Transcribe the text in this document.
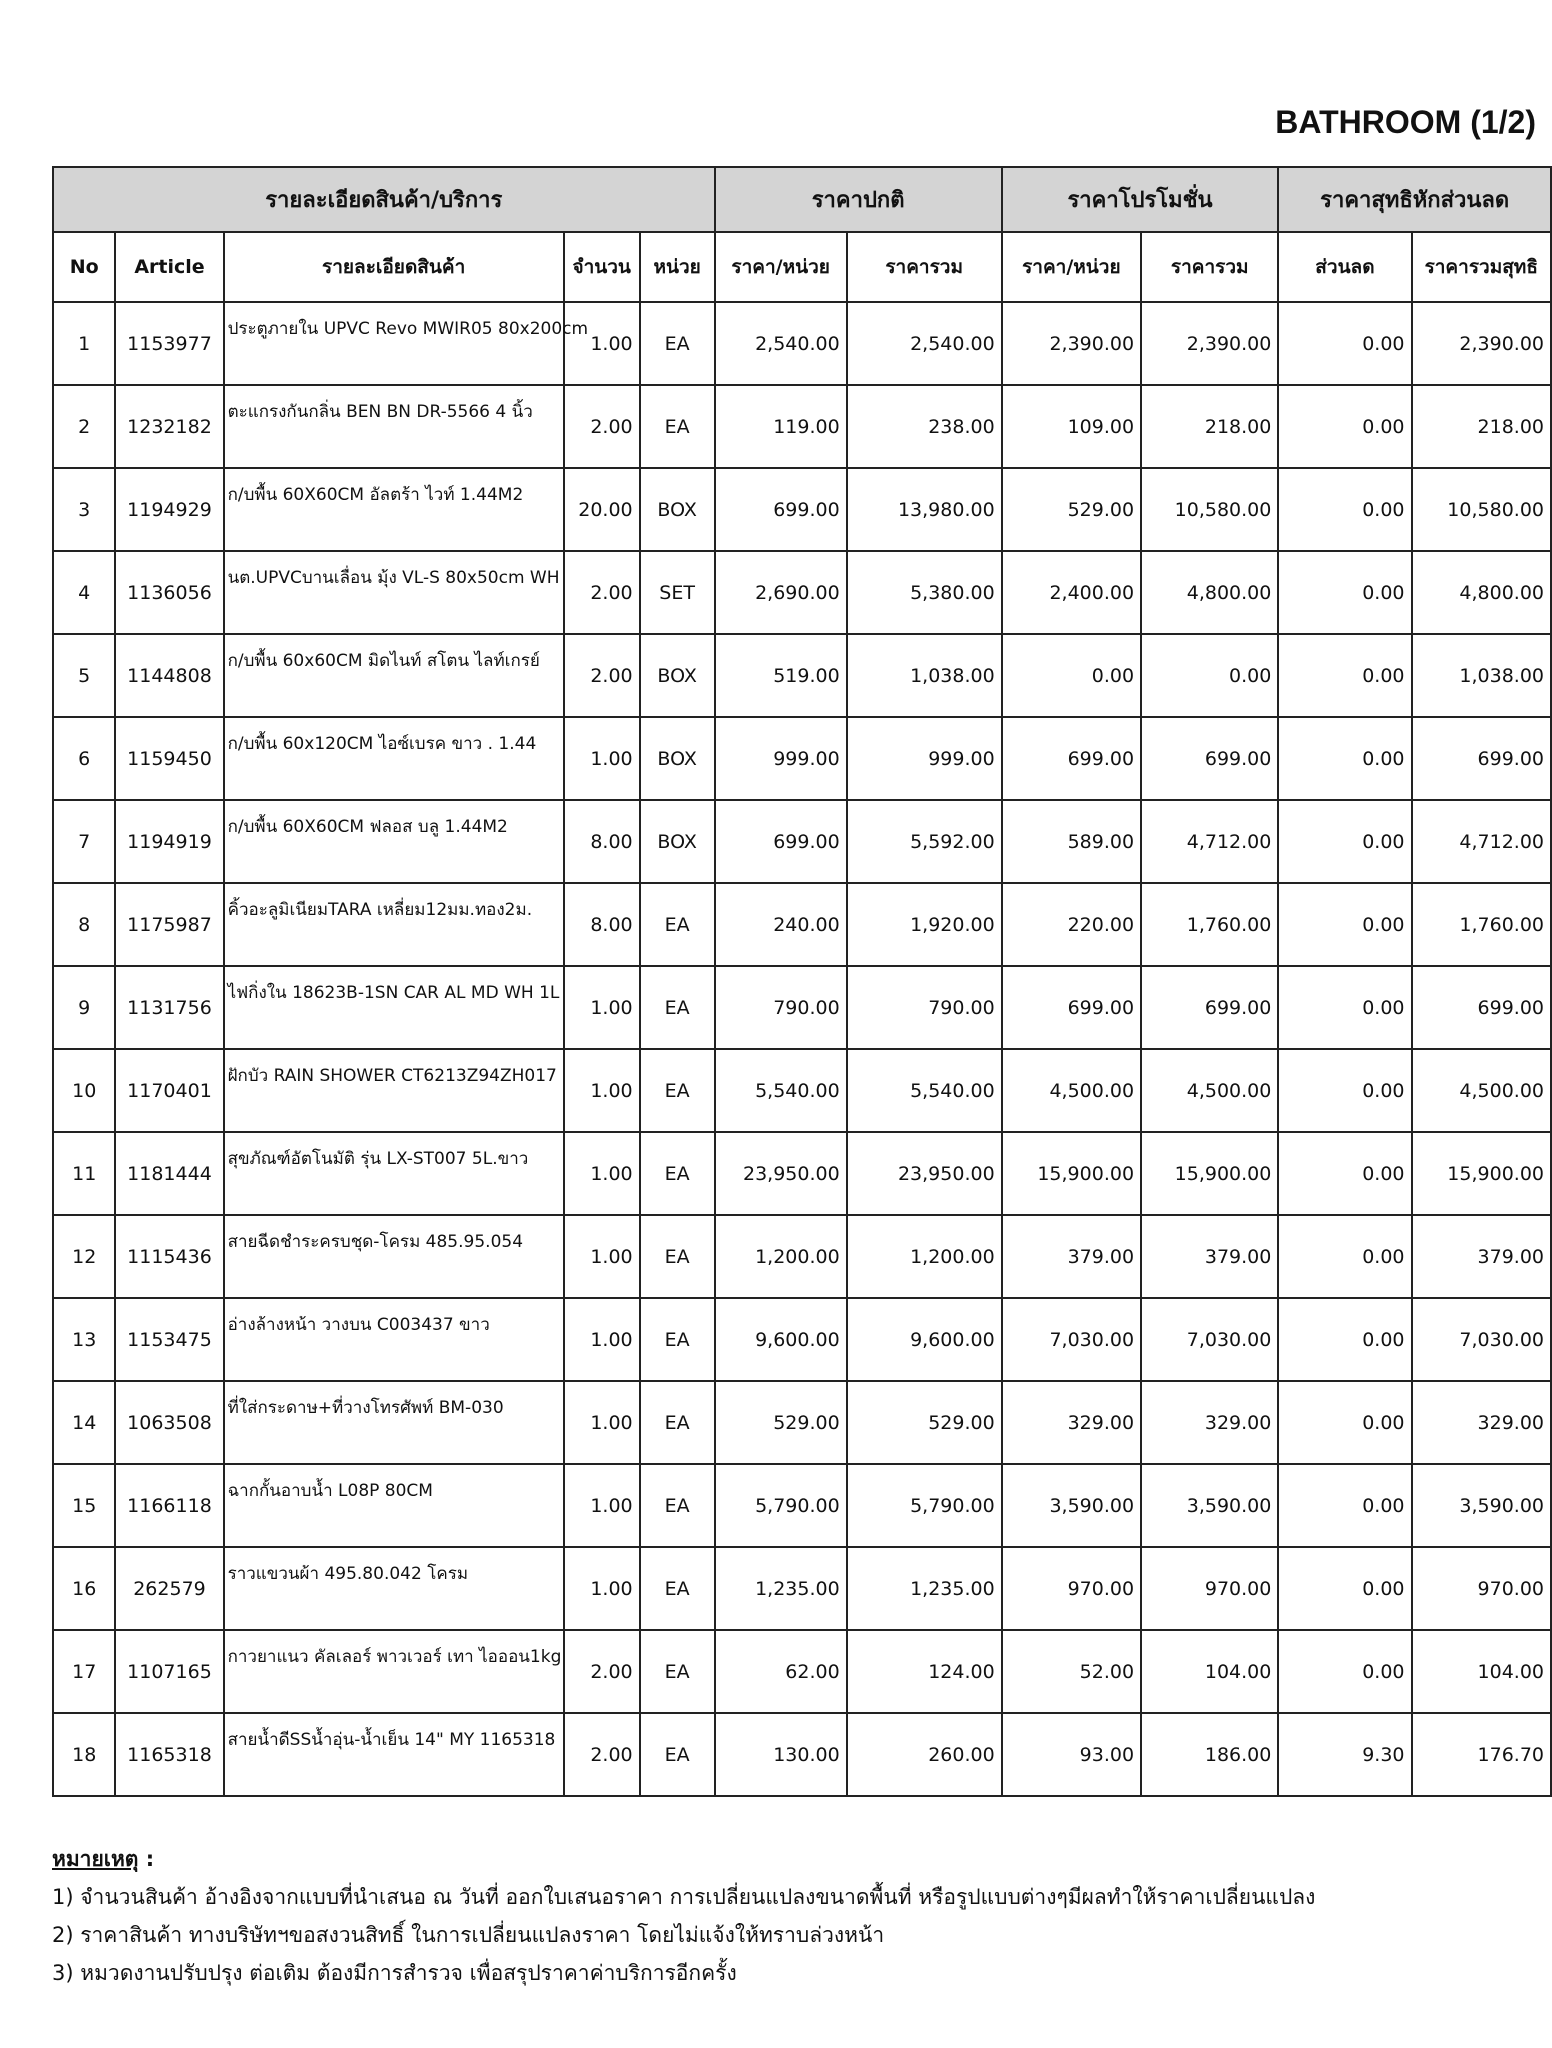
BATHROOM (1/2)
รายละเอียดสินค้า/บริการ					ราคาปกติ		ราคาโปรโมชั่น		ราคาสุทธิหักส่วนลด	
No	Article	รายละเอียดสินค้า	จำนวน	หน่วย	ราคา/หน่วย	ราคารวม	ราคา/หน่วย	ราคารวม	ส่วนลด	ราคารวมสุทธิ
1	1153977	ประตูภายใน UPVC Revo MWIR05 80x200cm	1.00	EA	2,540.00	2,540.00	2,390.00	2,390.00	0.00	2,390.00
2	1232182	ตะแกรงกันกลิ่น BEN BN DR-5566 4 นิ้ว	2.00	EA	119.00	238.00	109.00	218.00	0.00	218.00
3	1194929	ก/บพื้น 60X60CM อัลตร้า ไวท์ 1.44M2	20.00	BOX	699.00	13,980.00	529.00	10,580.00	0.00	10,580.00
4	1136056	นต.UPVCบานเลื่อน มุ้ง VL-S 80x50cm WH	2.00	SET	2,690.00	5,380.00	2,400.00	4,800.00	0.00	4,800.00
5	1144808	ก/บพื้น 60x60CM มิดไนท์ สโตน ไลท์เกรย์	2.00	BOX	519.00	1,038.00	0.00	0.00	0.00	1,038.00
6	1159450	ก/บพื้น 60x120CM ไอซ์เบรค ขาว . 1.44	1.00	BOX	999.00	999.00	699.00	699.00	0.00	699.00
7	1194919	ก/บพื้น 60X60CM ฟลอส บลู 1.44M2	8.00	BOX	699.00	5,592.00	589.00	4,712.00	0.00	4,712.00
8	1175987	คิ้วอะลูมิเนียมTARA เหลี่ยม12มม.ทอง2ม.	8.00	EA	240.00	1,920.00	220.00	1,760.00	0.00	1,760.00
9	1131756	ไฟกิ่งใน 18623B-1SN CAR AL MD WH 1L	1.00	EA	790.00	790.00	699.00	699.00	0.00	699.00
10	1170401	ฝักบัว RAIN SHOWER CT6213Z94ZH017	1.00	EA	5,540.00	5,540.00	4,500.00	4,500.00	0.00	4,500.00
11	1181444	สุขภัณฑ์อัตโนมัติ รุ่น LX-ST007 5L.ขาว	1.00	EA	23,950.00	23,950.00	15,900.00	15,900.00	0.00	15,900.00
12	1115436	สายฉีดชำระครบชุด-โครม 485.95.054	1.00	EA	1,200.00	1,200.00	379.00	379.00	0.00	379.00
13	1153475	อ่างล้างหน้า วางบน C003437 ขาว	1.00	EA	9,600.00	9,600.00	7,030.00	7,030.00	0.00	7,030.00
14	1063508	ที่ใส่กระดาษ+ที่วางโทรศัพท์ BM-030	1.00	EA	529.00	529.00	329.00	329.00	0.00	329.00
15	1166118	ฉากกั้นอาบน้ำ L08P 80CM	1.00	EA	5,790.00	5,790.00	3,590.00	3,590.00	0.00	3,590.00
16	262579	ราวแขวนผ้า 495.80.042 โครม	1.00	EA	1,235.00	1,235.00	970.00	970.00	0.00	970.00
17	1107165	กาวยาแนว คัลเลอร์ พาวเวอร์ เทา ไอออน1kg	2.00	EA	62.00	124.00	52.00	104.00	0.00	104.00
18	1165318	สายน้ำดีSSน้ำอุ่น-น้ำเย็น 14" MY 1165318	2.00	EA	130.00	260.00	93.00	186.00	9.30	176.70
หมายเหตุ :
1) จำนวนสินค้า อ้างอิงจากแบบที่นำเสนอ ณ วันที่ ออกใบเสนอราคา การเปลี่ยนแปลงขนาดพื้นที่ หรือรูปแบบต่างๆมีผลทำให้ราคาเปลี่ยนแปลง
2) ราคาสินค้า ทางบริษัทฯขอสงวนสิทธิ์ ในการเปลี่ยนแปลงราคา โดยไม่แจ้งให้ทราบล่วงหน้า
3) หมวดงานปรับปรุง ต่อเติม ต้องมีการสำรวจ เพื่อสรุปราคาค่าบริการอีกครั้ง
